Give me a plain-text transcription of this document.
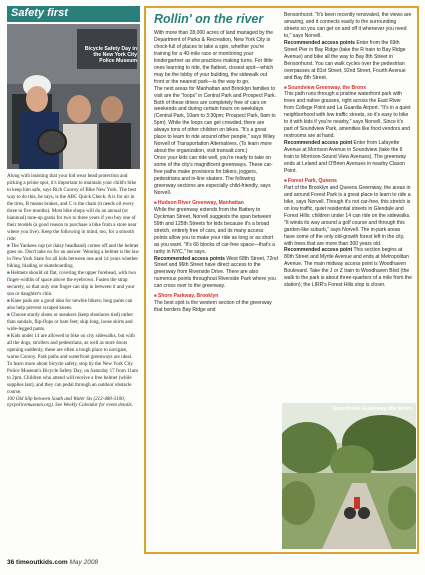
Safety first
Bicycle Safety Day in the New York City Police Museum

Along with insisting that your kid wear head protection and picking a prime spot, it's important to maintain your child's bike to keep him safe, says Rich Conroy of Bike New York. The best way to do this, he says, is the ABC Quick Check: A is for air in the tires, B means brakes, and C is the chain (it needs oil every three to five months). Most bike shops will do an annual (or biannual) tune-up gratis for two to three years if you buy one of their models (a good reason to purchase a bike from a store near where you live). Keep the following in mind, too, for a smooth ride:

■ The Yankees cap (or daisy headband) comes off and the helmet goes on. Don't take no for an answer. Wearing a helmet is the law in New York State for all kids between one and 14 years whether biking, blading or skateboarding.

■ Helmets should sit flat, covering the upper forehead, with two finger-widths of space above the eyebrows. Fasten the strap securely, so that only one finger can slip in between it and your son or daughter's chin.

■ Knee pads are a good idea for newbie bikers; long pants can also help prevent scraped knees.

■ Choose sturdy shoes or sneakers (keep shoelaces tied) rather than sandals, flip-flops or bare feet; skip long, loose skirts and wide-legged pants.

■ Kids under 14 are allowed to bike on city sidewalks, but with all the dogs, strollers and pedestrians, as well as store doors opening suddenly, these are often a tough place to navigate, warns Conroy. Park paths and waterfront greenways are ideal.

To learn more about bicycle safety, stop by the New York City Police Museum's Bicycle Safety Day, on Saturday 17 from 11am to 2pm. Children who attend will receive a free helmet (while supplies last), and they can pedal through an outdoor obstacle course.

100 Old Slip between South and Water Sts (212-480-3100, nycpolicemuseum.org). See Weekly Calendar for event details.

Rollin' on the river

With more than 28,000 acres of land managed by the Department of Parks & Recreation, New York City is chock-full of places to take a spin, whether you're training for a 40-mile race or monitoring your kindergartner as she practices making turns. For little ones learning to ride, the flattest, closest spot—which may be the lobby of your building, the sidewalk out front or the nearest park—is the way to go.

The next areas for Manhattan and Brooklyn families to visit are the "loops" in Central Park and Prospect Park. Both of these drives are completely free of cars on weekends and during certain hours on weekdays (Central Park, 10am to 3:30pm; Prospect Park, 9am to 5pm). While the loops can get crowded, there are always tons of other children on bikes. "It's a great place to learn to ride around other people," says Wiley Norvell of Transportation Alternatives. (To learn more about the organization, visit transalt.com.)

Once your kids can ride well, you're ready to take on some of the city's magnificent greenways. These car-free paths make provisions for bikers, joggers, pedestrians and in-line skaters. The following greenway sections are especially child-friendly, says Norvell.

■ Hudson River Greenway, Manhattan

While the greenway extends from the Battery to Dyckman Street, Norvell suggests the span between 59th and 125th Streets for kids because it's a broad stretch, entirely free of cars, and its many access points allow you to make your ride as long or as short as you want. "It's 66 blocks of car-free space—that's a rarity in NYC," he says.

Recommended access points West 68th Street, 72nd Street and 96th Street have direct access to the greenway from Riverside Drive. There are also numerous points throughout Riverside Park where you can cross over to the greenway.

■ Shore Parkway, Brooklyn

The best spot is the western section of the greenway that borders Bay Ridge and

Bensonhurst. "It's been recently renovated, the views are amazing, and it connects easily to the surrounding streets so you can get on and off it whenever you need to," says Norvell.

Recommended access points Enter from the 69th Street Pier in Bay Ridge (take the R train to Bay Ridge Avenue) and bike all the way to Bay 8th Street in Bensonhurst. You can walk cycles over the pedestrian overpasses at 81st Street, 92nd Street, Fourth Avenue and Bay 8th Street.

■ Soundview Greenway, the Bronx

This path runs through a pristine waterfront park with trees and native grasses, right across the East River from College Point and La Guardia Airport. "It's in a quiet neighborhood with low traffic streets, so it's easy to bike to it with kids if you're nearby," says Norvell. Since it's part of Soundview Park, amenities like food vendors and restrooms are at hand.

Recommended access point Enter from Lafayette Avenue at Morrison Avenue in Soundview (take the 6 train to Morrison-Sound View Avenues). The greenway ends at Leland and O'Brien Avenues in nearby Clason Point.

■ Forest Park, Queens

Part of the Brooklyn and Queens Greenway, the areas in and around Forest Park is a great place to learn to ride a bike, says Norvell. Though it's not car-free, this stretch is on low traffic, quiet residential streets in Glendale and Forest Hills; children under 14 can ride on the sidewalks. "It winds its way around a golf course and through this garden-like suburb," says Norvell. The in-park areas have some of the only old-growth forest left in the city, with trees that are more than 300 years old.

Recommended access point This section begins at 80th Street and Myrtle Avenue and ends at Metropolitan Avenue. The main midway access point is Woodhaven Boulevard. Take the J or Z train to Woodhaven Blvd (the walk to the park is about three-quarters of a mile from the station); the LIRR's Forest Hills stop is closer.

Soundview Greenway, the Bronx
36 timeoutkids.com May 2008
